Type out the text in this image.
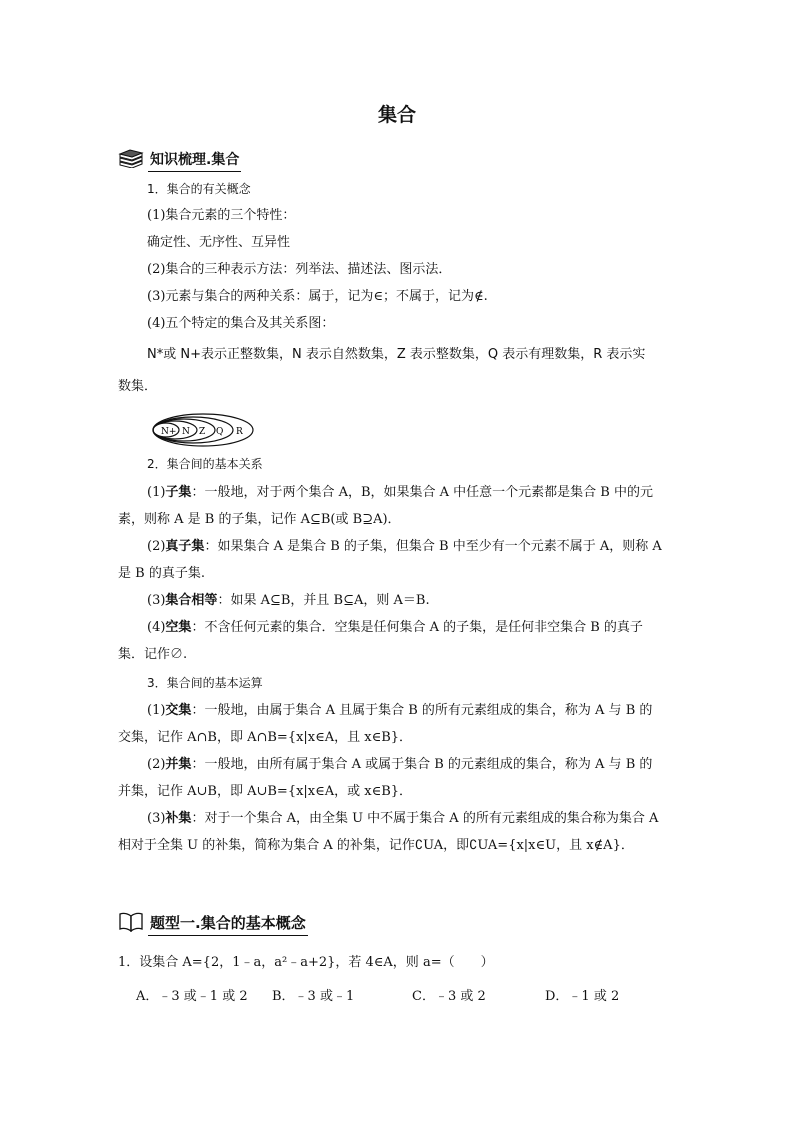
集合
知识梳理.集合
1．集合的有关概念
(1)集合元素的三个特性：
确定性、无序性、互异性
(2)集合的三种表示方法：列举法、描述法、图示法．
(3)元素与集合的两种关系：属于，记为∈；不属于，记为∉.
(4)五个特定的集合及其关系图：
N*或 N+表示正整数集，N 表示自然数集，Z 表示整数集，Q 表示有理数集，R 表示实
数集．
N+ N Z Q R
2．集合间的基本关系
(1)子集：一般地，对于两个集合 A，B，如果集合 A 中任意一个元素都是集合 B 中的元
素，则称 A 是 B 的子集，记作 A⊆B(或 B⊇A)．
(2)真子集：如果集合 A 是集合 B 的子集，但集合 B 中至少有一个元素不属于 A，则称 A
是 B 的真子集.
(3)集合相等：如果 A⊆B，并且 B⊆A，则 A＝B.
(4)空集：不含任何元素的集合．空集是任何集合 A 的子集，是任何非空集合 B 的真子
集．记作∅.
3．集合间的基本运算
(1)交集：一般地，由属于集合 A 且属于集合 B 的所有元素组成的集合，称为 A 与 B 的
交集，记作 A∩B，即 A∩B={x|x∈A，且 x∈B}．
(2)并集：一般地，由所有属于集合 A 或属于集合 B 的元素组成的集合，称为 A 与 B 的
并集，记作 A∪B，即 A∪B={x|x∈A，或 x∈B}．
(3)补集：对于一个集合 A，由全集 U 中不属于集合 A 的所有元素组成的集合称为集合 A
相对于全集 U 的补集，简称为集合 A 的补集，记作∁UA，即∁UA={x|x∈U，且 x∉A}．
题型一.集合的基本概念
1．设集合 A={2，1﹣a，a²﹣a+2}，若 4∈A，则 a=（　　）
A．﹣3 或﹣1 或 2 B．﹣3 或﹣1	C．﹣3 或 2	D．﹣1 或 2
